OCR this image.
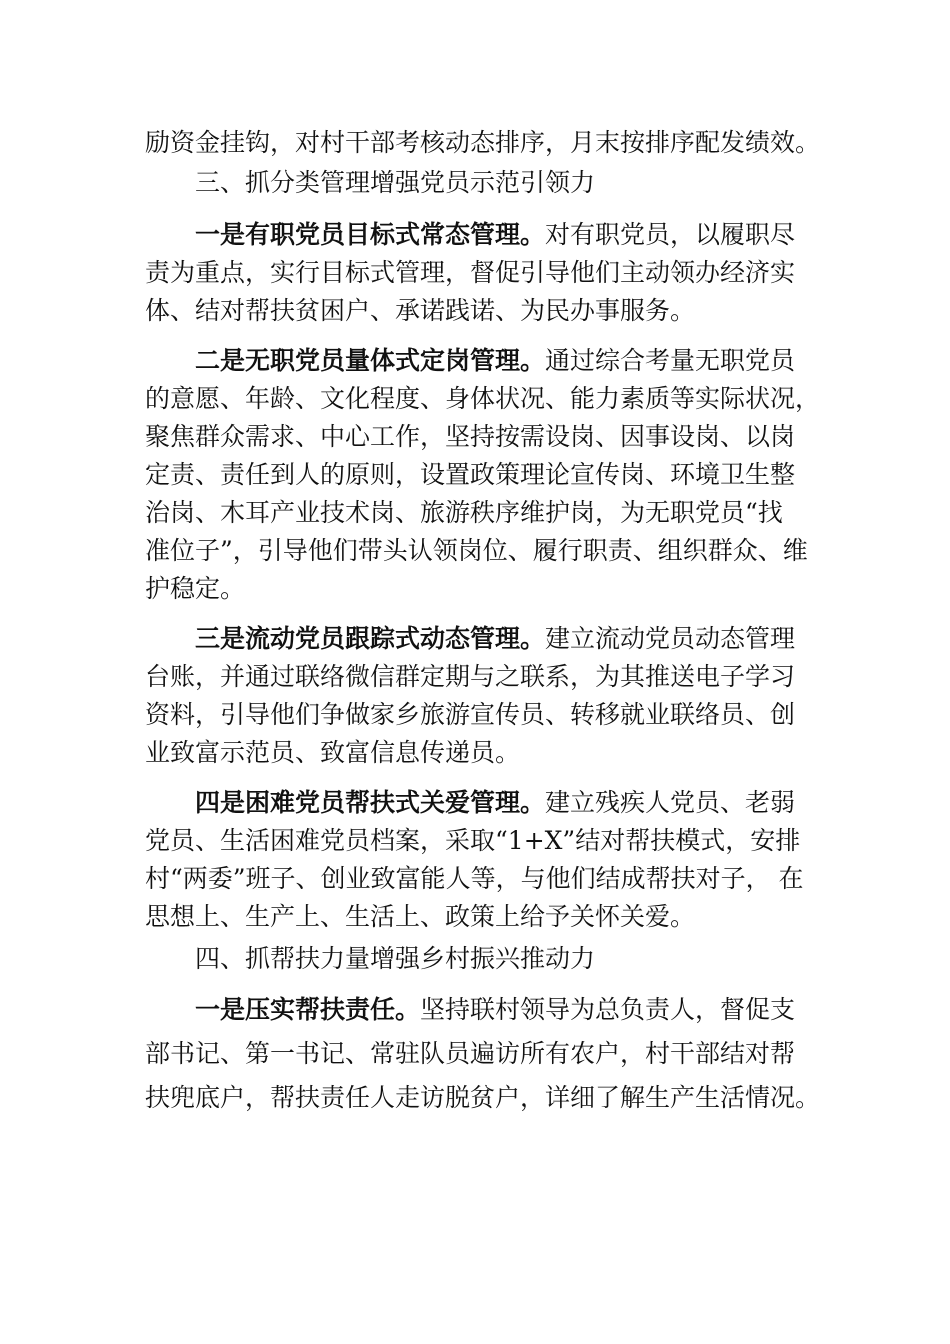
励资金挂钩，对村干部考核动态排序，月末按排序配发绩效。
三、抓分类管理增强党员示范引领力
一是有职党员目标式常态管理。对有职党员，以履职尽
责为重点，实行目标式管理，督促引导他们主动领办经济实
体、结对帮扶贫困户、承诺践诺、为民办事服务。
二是无职党员量体式定岗管理。通过综合考量无职党员
的意愿、年龄、文化程度、身体状况、能力素质等实际状况，
聚焦群众需求、中心工作，坚持按需设岗、因事设岗、以岗
定责、责任到人的原则，设置政策理论宣传岗、环境卫生整
治岗、木耳产业技术岗、旅游秩序维护岗，为无职党员“找
准位子”，引导他们带头认领岗位、履行职责、组织群众、维
护稳定。
三是流动党员跟踪式动态管理。建立流动党员动态管理
台账，并通过联络微信群定期与之联系，为其推送电子学习
资料，引导他们争做家乡旅游宣传员、转移就业联络员、创
业致富示范员、致富信息传递员。
四是困难党员帮扶式关爱管理。建立残疾人党员、老弱
党员、生活困难党员档案，采取“1+X”结对帮扶模式，安排
村“两委”班子、创业致富能人等，与他们结成帮扶对子， 在
思想上、生产上、生活上、政策上给予关怀关爱。
四、抓帮扶力量增强乡村振兴推动力
一是压实帮扶责任。坚持联村领导为总负责人，督促支
部书记、第一书记、常驻队员遍访所有农户，村干部结对帮
扶兜底户，帮扶责任人走访脱贫户，详细了解生产生活情况。
